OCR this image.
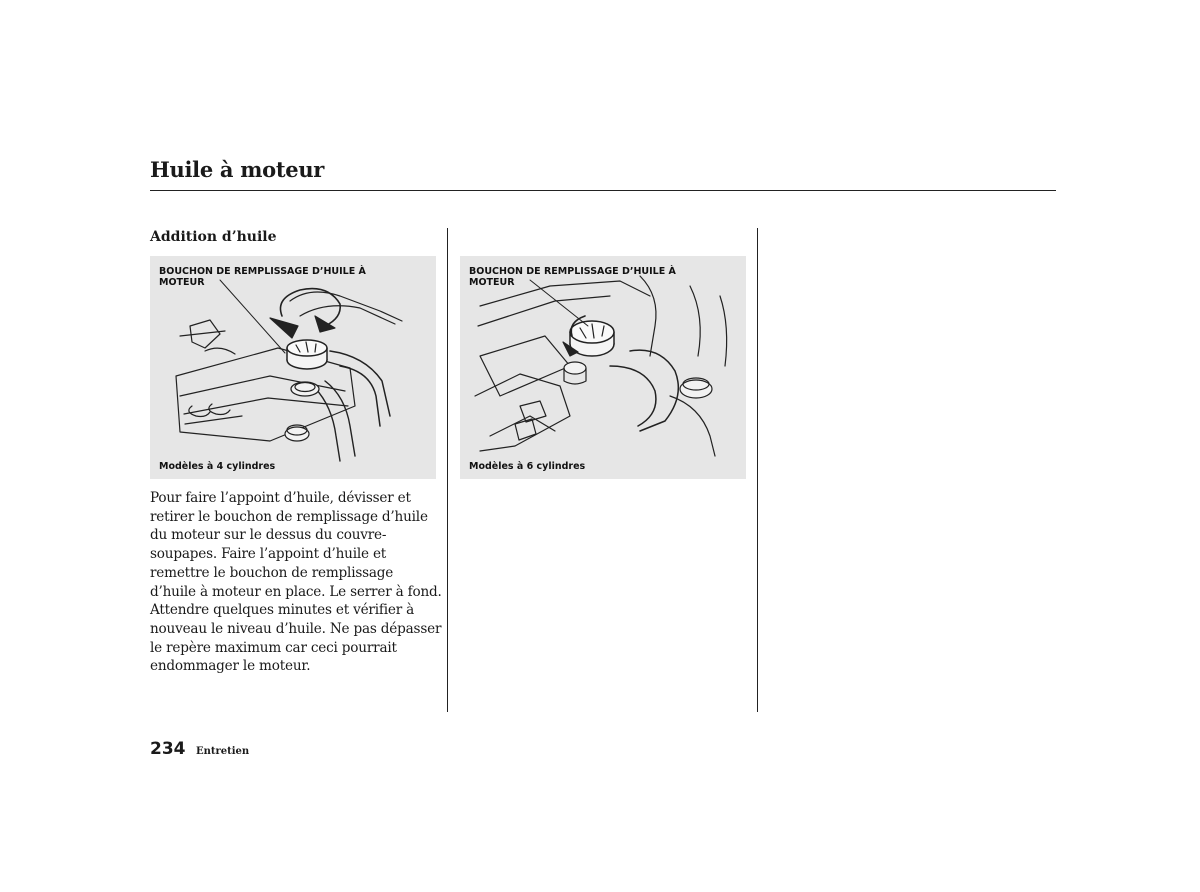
Huile à moteur
Addition d’huile
BOUCHON DE REMPLISSAGE D’HUILE À MOTEUR
Modèles à 4 cylindres
BOUCHON DE REMPLISSAGE D’HUILE À MOTEUR
Modèles à 6 cylindres
Pour faire l’appoint d’huile, dévisser et retirer le bouchon de remplissage d’huile du moteur sur le dessus du couvre-soupapes. Faire l’appoint d’huile et remettre le bouchon de remplissage d’huile à moteur en place. Le serrer à fond. Attendre quelques minutes et vérifier à nouveau le niveau d’huile. Ne pas dépasser le repère maximum car ceci pourrait endommager le moteur.
234 Entretien
